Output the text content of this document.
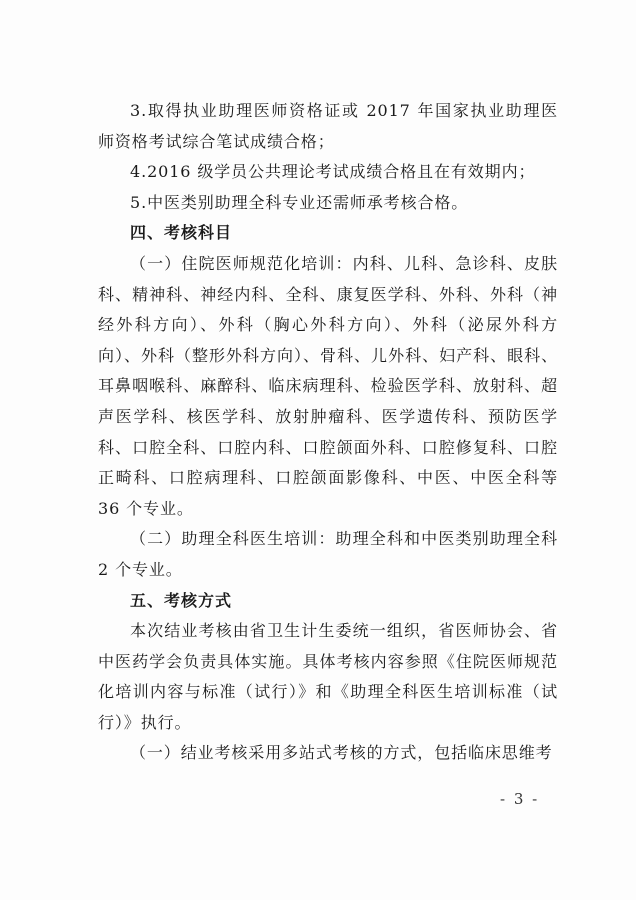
3.取得执业助理医师资格证或 2017 年国家执业助理医师资格考试综合笔试成绩合格；

4.2016 级学员公共理论考试成绩合格且在有效期内；

5.中医类别助理全科专业还需师承考核合格。

四、考核科目

（一）住院医师规范化培训：内科、儿科、急诊科、皮肤科、精神科、神经内科、全科、康复医学科、外科、外科（神经外科方向）、外科（胸心外科方向）、外科（泌尿外科方向）、外科（整形外科方向）、骨科、儿外科、妇产科、眼科、耳鼻咽喉科、麻醉科、临床病理科、检验医学科、放射科、超声医学科、核医学科、放射肿瘤科、医学遗传科、预防医学科、口腔全科、口腔内科、口腔颌面外科、口腔修复科、口腔正畸科、口腔病理科、口腔颌面影像科、中医、中医全科等 36 个专业。

（二）助理全科医生培训：助理全科和中医类别助理全科 2 个专业。

五、考核方式

本次结业考核由省卫生计生委统一组织，省医师协会、省中医药学会负责具体实施。具体考核内容参照《住院医师规范化培训内容与标准（试行）》和《助理全科医生培训标准（试行）》执行。

（一）结业考核采用多站式考核的方式，包括临床思维考

- 3 -
